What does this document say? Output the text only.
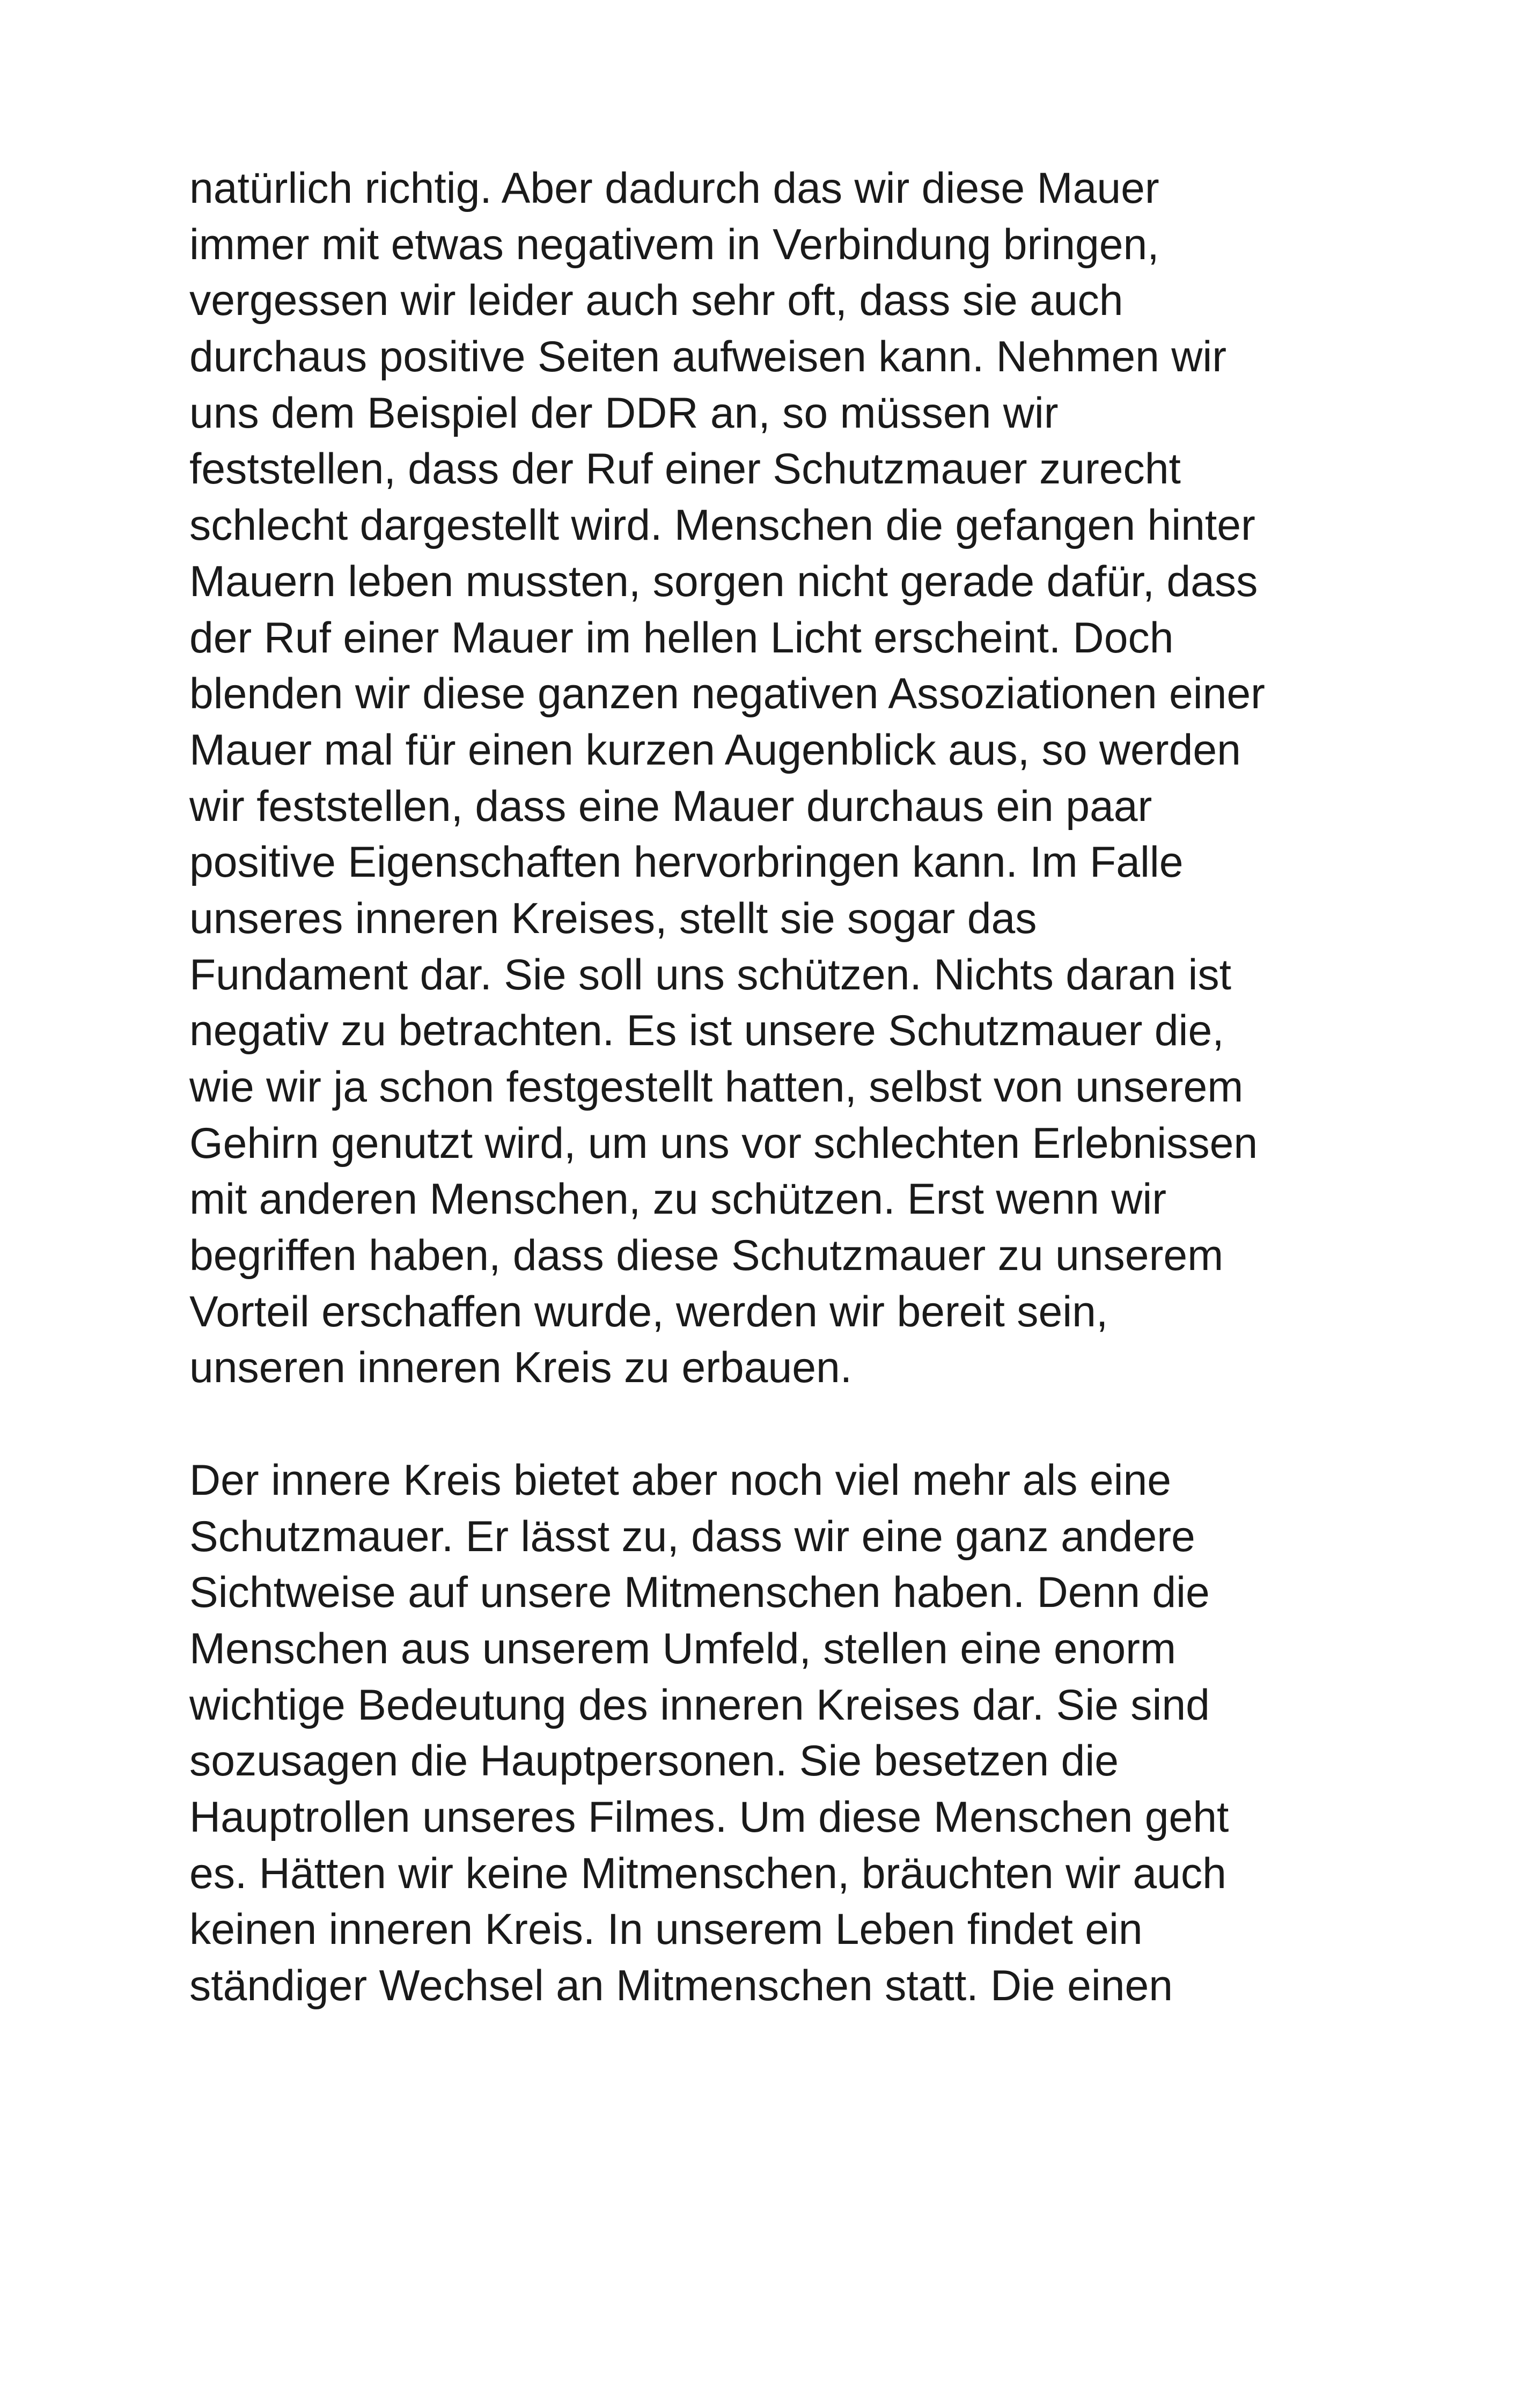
natürlich richtig. Aber dadurch das wir diese Mauer
immer mit etwas negativem in Verbindung bringen,
vergessen wir leider auch sehr oft, dass sie auch
durchaus positive Seiten aufweisen kann. Nehmen wir
uns dem Beispiel der DDR an, so müssen wir
feststellen, dass der Ruf einer Schutzmauer zurecht
schlecht dargestellt wird. Menschen die gefangen hinter
Mauern leben mussten, sorgen nicht gerade dafür, dass
der Ruf einer Mauer im hellen Licht erscheint. Doch
blenden wir diese ganzen negativen Assoziationen einer
Mauer mal für einen kurzen Augenblick aus, so werden
wir feststellen, dass eine Mauer durchaus ein paar
positive Eigenschaften hervorbringen kann. Im Falle
unseres inneren Kreises, stellt sie sogar das
Fundament dar. Sie soll uns schützen. Nichts daran ist
negativ zu betrachten. Es ist unsere Schutzmauer die,
wie wir ja schon festgestellt hatten, selbst von unserem
Gehirn genutzt wird, um uns vor schlechten Erlebnissen
mit anderen Menschen, zu schützen. Erst wenn wir
begriffen haben, dass diese Schutzmauer zu unserem
Vorteil erschaffen wurde, werden wir bereit sein,
unseren inneren Kreis zu erbauen.
Der innere Kreis bietet aber noch viel mehr als eine
Schutzmauer. Er lässt zu, dass wir eine ganz andere
Sichtweise auf unsere Mitmenschen haben. Denn die
Menschen aus unserem Umfeld, stellen eine enorm
wichtige Bedeutung des inneren Kreises dar. Sie sind
sozusagen die Hauptpersonen. Sie besetzen die
Hauptrollen unseres Filmes. Um diese Menschen geht
es. Hätten wir keine Mitmenschen, bräuchten wir auch
keinen inneren Kreis. In unserem Leben findet ein
ständiger Wechsel an Mitmenschen statt. Die einen
